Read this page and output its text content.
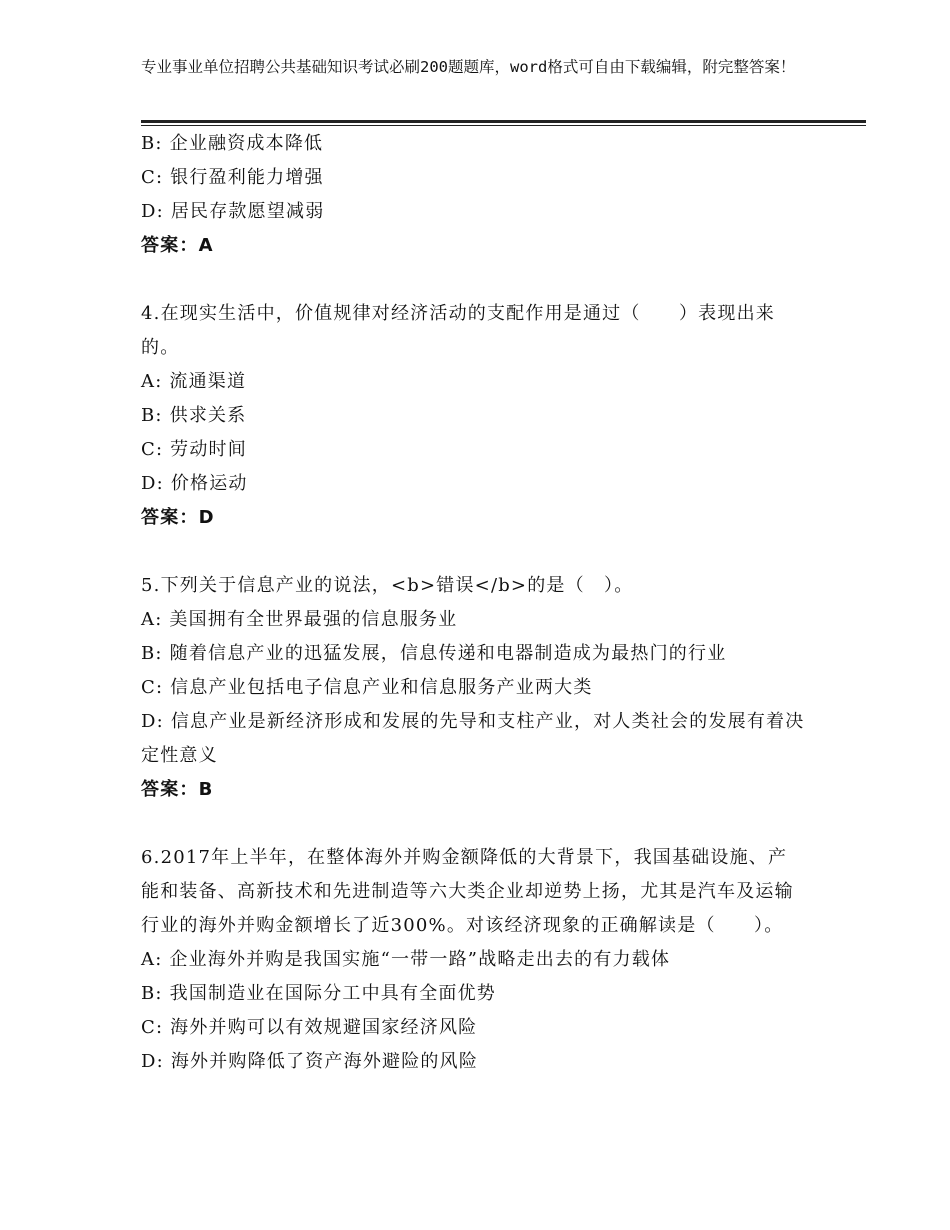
专业事业单位招聘公共基础知识考试必刷200题题库，word格式可自由下载编辑，附完整答案！
B: 企业融资成本降低
C: 银行盈利能力增强
D: 居民存款愿望减弱
答案：A
4.在现实生活中，价值规律对经济活动的支配作用是通过（　　）表现出来的。
A: 流通渠道
B: 供求关系
C: 劳动时间
D: 价格运动
答案：D
5.下列关于信息产业的说法，<b>错误</b>的是（　）。
A: 美国拥有全世界最强的信息服务业
B: 随着信息产业的迅猛发展，信息传递和电器制造成为最热门的行业
C: 信息产业包括电子信息产业和信息服务产业两大类
D: 信息产业是新经济形成和发展的先导和支柱产业，对人类社会的发展有着决定性意义
答案：B
6.2017年上半年，在整体海外并购金额降低的大背景下，我国基础设施、产能和装备、高新技术和先进制造等六大类企业却逆势上扬，尤其是汽车及运输行业的海外并购金额增长了近300%。对该经济现象的正确解读是（　　）。
A: 企业海外并购是我国实施“一带一路”战略走出去的有力载体
B: 我国制造业在国际分工中具有全面优势
C: 海外并购可以有效规避国家经济风险
D: 海外并购降低了资产海外避险的风险
